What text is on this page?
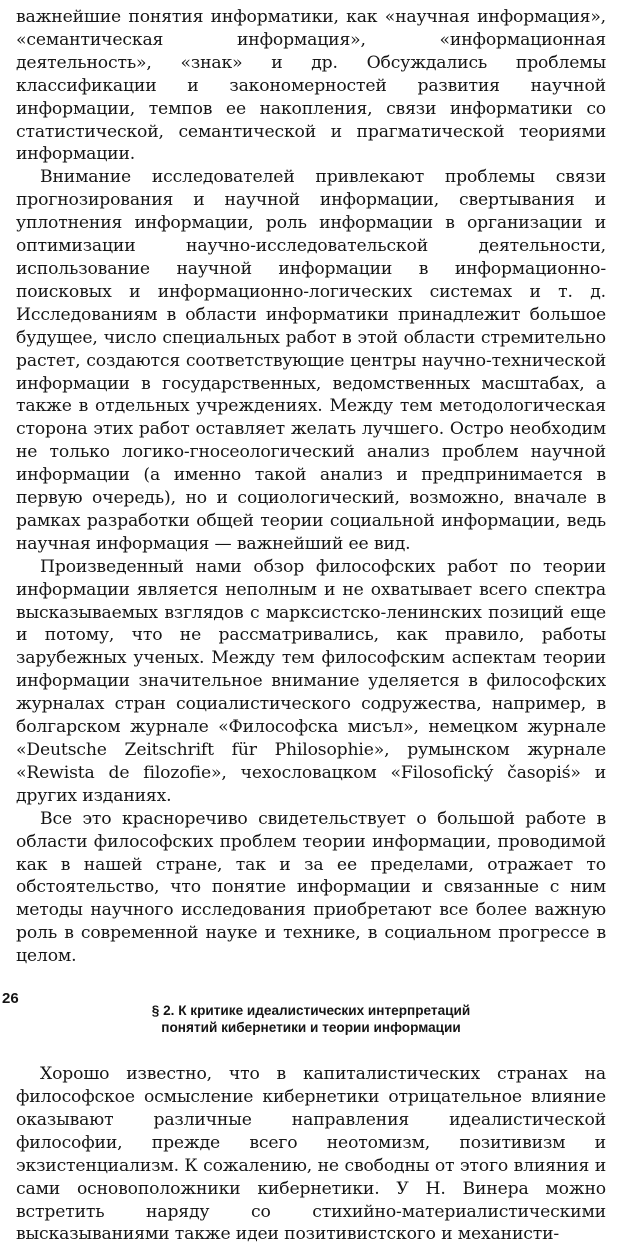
важнейшие понятия информатики, как «научная информация», «семантическая информация», «информационная деятельность», «знак» и др. Обсуждались проблемы классификации и закономерностей развития научной информации, темпов ее накопления, связи информатики со статистической, семантической и прагматической теориями информации.

Внимание исследователей привлекают проблемы связи прогнозирования и научной информации, свертывания и уплотнения информации, роль информации в организации и оптимизации научно-исследовательской деятельности, использование научной информации в информационно-поисковых и информационно-логических системах и т. д. Исследованиям в области информатики принадлежит большое будущее, число специальных работ в этой области стремительно растет, создаются соответствующие центры научно-технической информации в государственных, ведомственных масштабах, а также в отдельных учреждениях. Между тем методологическая сторона этих работ оставляет желать лучшего. Остро необходим не только логико-гносеологический анализ проблем научной информации (а именно такой анализ и предпринимается в первую очередь), но и социологический, возможно, вначале в рамках разработки общей теории социальной информации, ведь научная информация — важнейший ее вид.

Произведенный нами обзор философских работ по теории информации является неполным и не охватывает всего спектра высказываемых взглядов с марксистско-ленинских позиций еще и потому, что не рассматривались, как правило, работы зарубежных ученых. Между тем философским аспектам теории информации значительное внимание уделяется в философских журналах стран социалистического содружества, например, в болгарском журнале «Философска мисъл», немецком журнале «Deutsche Zeitschrift für Philosophie», румынском журнале «Rewista de filozofie», чехословацком «Filosofický časopiś» и других изданиях.

Все это красноречиво свидетельствует о большой работе в области философских проблем теории информации, проводимой как в нашей стране, так и за ее пределами, отражает то обстоятельство, что понятие информации и связанные с ним методы научного исследования приобретают все более важную роль в современной науке и технике, в социальном прогрессе в целом.

§ 2. К критике идеалистических интерпретаций
понятий кибернетики и теории информации

Хорошо известно, что в капиталистических странах на философское осмысление кибернетики отрицательное влияние оказывают различные направления идеалистической философии, прежде всего неотомизм, позитивизм и экзистенциализм. К сожалению, не свободны от этого влияния и сами основоположники кибернетики. У Н. Винера можно встретить наряду со стихийно-материалистическими высказываниями также идеи позитивистского и механисти-

26
